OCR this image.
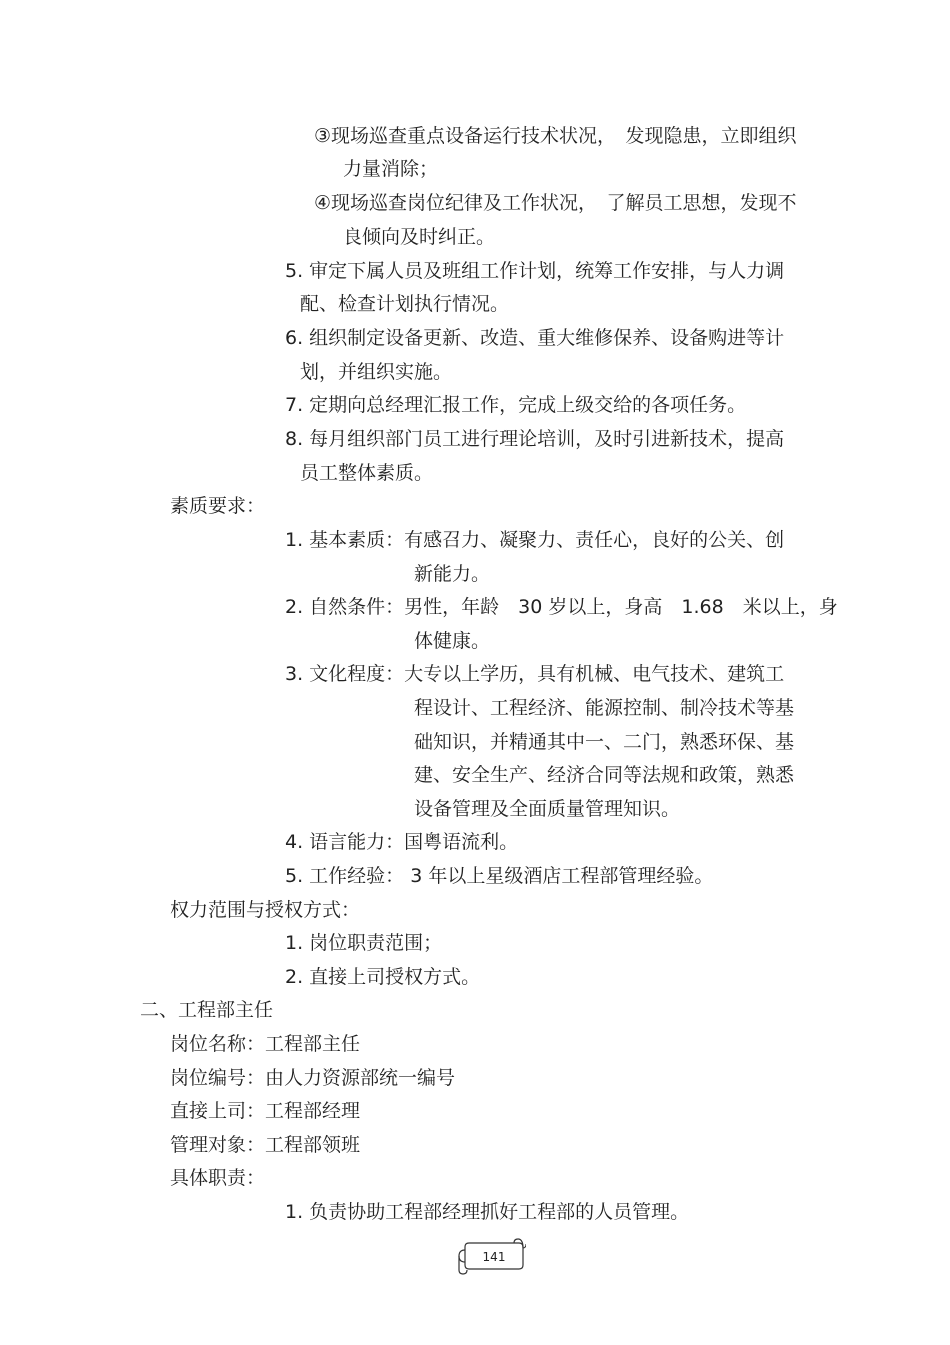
③现场巡查重点设备运行技术状况，　发现隐患，立即组织
力量消除；
④现场巡查岗位纪律及工作状况，　了解员工思想，发现不
良倾向及时纠正。
5. 审定下属人员及班组工作计划，统筹工作安排，与人力调
配、检查计划执行情况。
6. 组织制定设备更新、改造、重大维修保养、设备购进等计
划，并组织实施。
7. 定期向总经理汇报工作，完成上级交给的各项任务。
8. 每月组织部门员工进行理论培训，及时引进新技术，提高
员工整体素质。
素质要求：
1. 基本素质：有感召力、凝聚力、责任心，良好的公关、创
新能力。
2. 自然条件：男性，年龄　30 岁以上，身高　1.68　米以上，身
体健康。
3. 文化程度：大专以上学历，具有机械、电气技术、建筑工
程设计、工程经济、能源控制、制冷技术等基
础知识，并精通其中一、二门，熟悉环保、基
建、安全生产、经济合同等法规和政策，熟悉
设备管理及全面质量管理知识。
4. 语言能力：国粤语流利。
5. 工作经验： 3 年以上星级酒店工程部管理经验。
权力范围与授权方式：
1. 岗位职责范围；
2. 直接上司授权方式。
二、工程部主任
岗位名称：工程部主任
岗位编号：由人力资源部统一编号
直接上司：工程部经理
管理对象：工程部领班
具体职责：
1. 负责协助工程部经理抓好工程部的人员管理。
141
